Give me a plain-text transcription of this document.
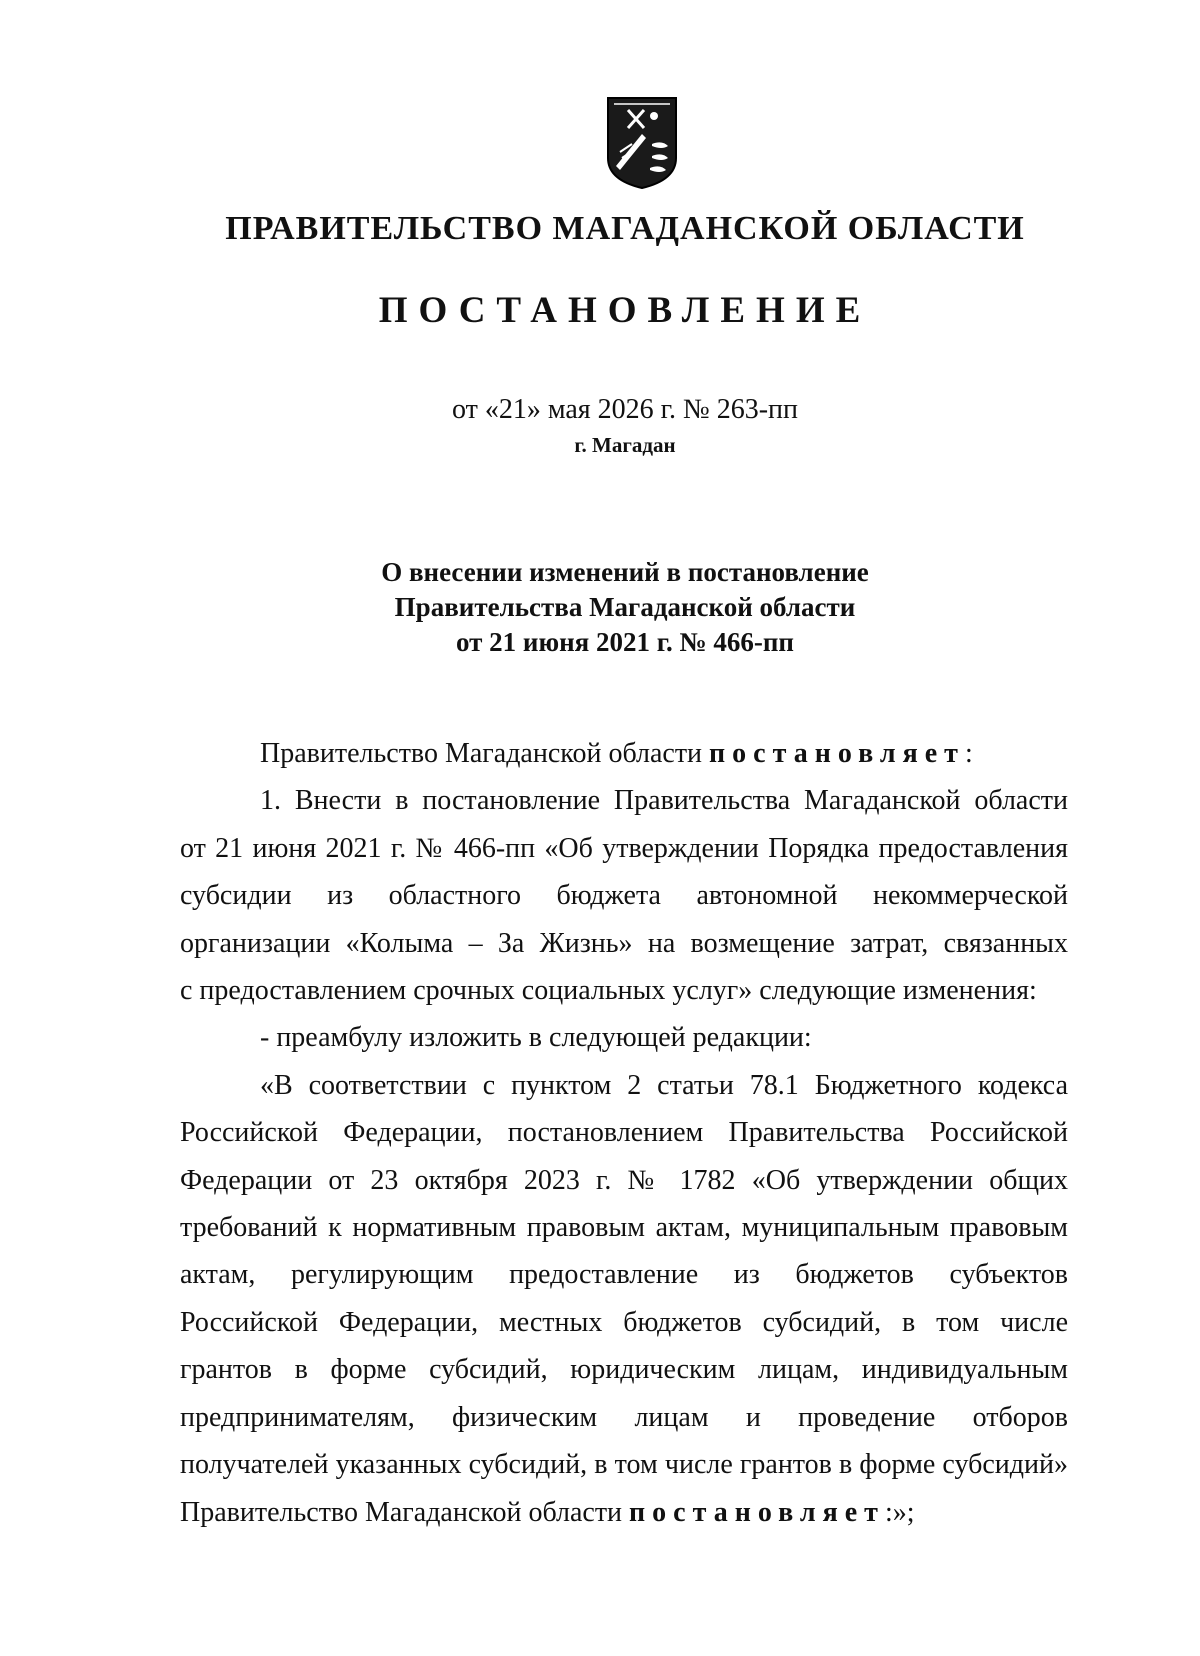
ПРАВИТЕЛЬСТВО МАГАДАНСКОЙ ОБЛАСТИ
ПОСТАНОВЛЕНИЕ
от «21» мая 2026 г. № 263-пп
г. Магадан
О внесении изменений в постановление
Правительства Магаданской области
от 21 июня 2021 г. № 466-пп

Правительство Магаданской области постановляет:

1. Внести в постановление Правительства Магаданской области

от 21 июня 2021 г. № 466-пп «Об утверждении Порядка предоставления

субсидии из областного бюджета автономной некоммерческой

организации «Колыма – За Жизнь» на возмещение затрат, связанных

с предоставлением срочных социальных услуг» следующие изменения:

- преамбулу изложить в следующей редакции:

«В соответствии с пунктом 2 статьи 78.1 Бюджетного кодекса

Российской Федерации, постановлением Правительства Российской

Федерации от 23 октября 2023 г. № 1782 «Об утверждении общих

требований к нормативным правовым актам, муниципальным правовым

актам, регулирующим предоставление из бюджетов субъектов

Российской Федерации, местных бюджетов субсидий, в том числе

грантов в форме субсидий, юридическим лицам, индивидуальным

предпринимателям, физическим лицам и проведение отборов

получателей указанных субсидий, в том числе грантов в форме субсидий»

Правительство Магаданской области постановляет:»;
